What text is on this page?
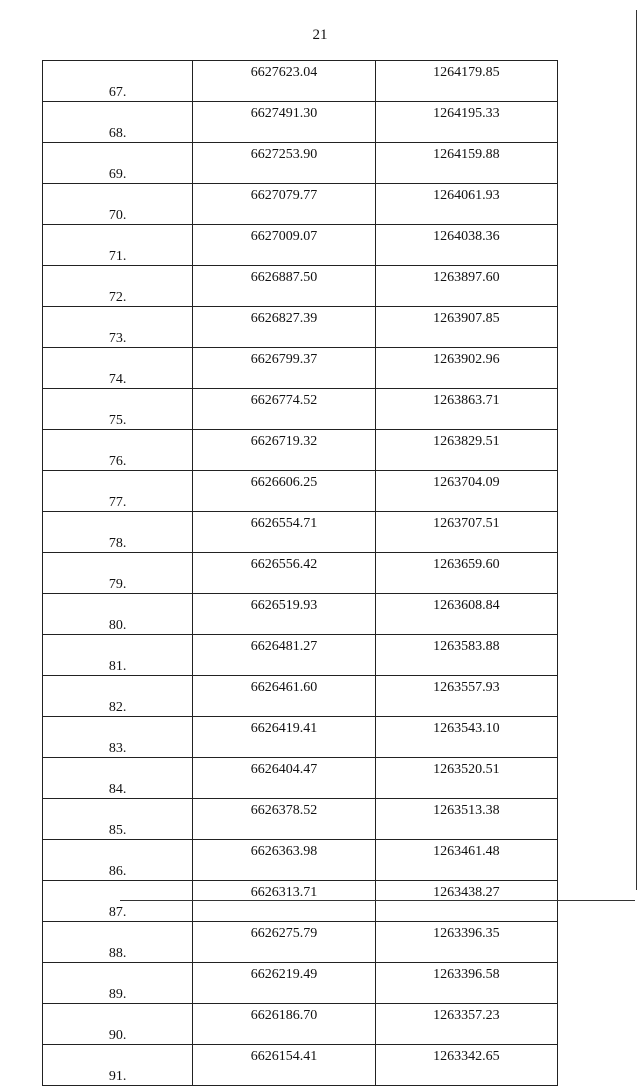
21
67.	6627623.04	1264179.85
68.	6627491.30	1264195.33
69.	6627253.90	1264159.88
70.	6627079.77	1264061.93
71.	6627009.07	1264038.36
72.	6626887.50	1263897.60
73.	6626827.39	1263907.85
74.	6626799.37	1263902.96
75.	6626774.52	1263863.71
76.	6626719.32	1263829.51
77.	6626606.25	1263704.09
78.	6626554.71	1263707.51
79.	6626556.42	1263659.60
80.	6626519.93	1263608.84
81.	6626481.27	1263583.88
82.	6626461.60	1263557.93
83.	6626419.41	1263543.10
84.	6626404.47	1263520.51
85.	6626378.52	1263513.38
86.	6626363.98	1263461.48
87.	6626313.71	1263438.27
88.	6626275.79	1263396.35
89.	6626219.49	1263396.58
90.	6626186.70	1263357.23
91.	6626154.41	1263342.65
